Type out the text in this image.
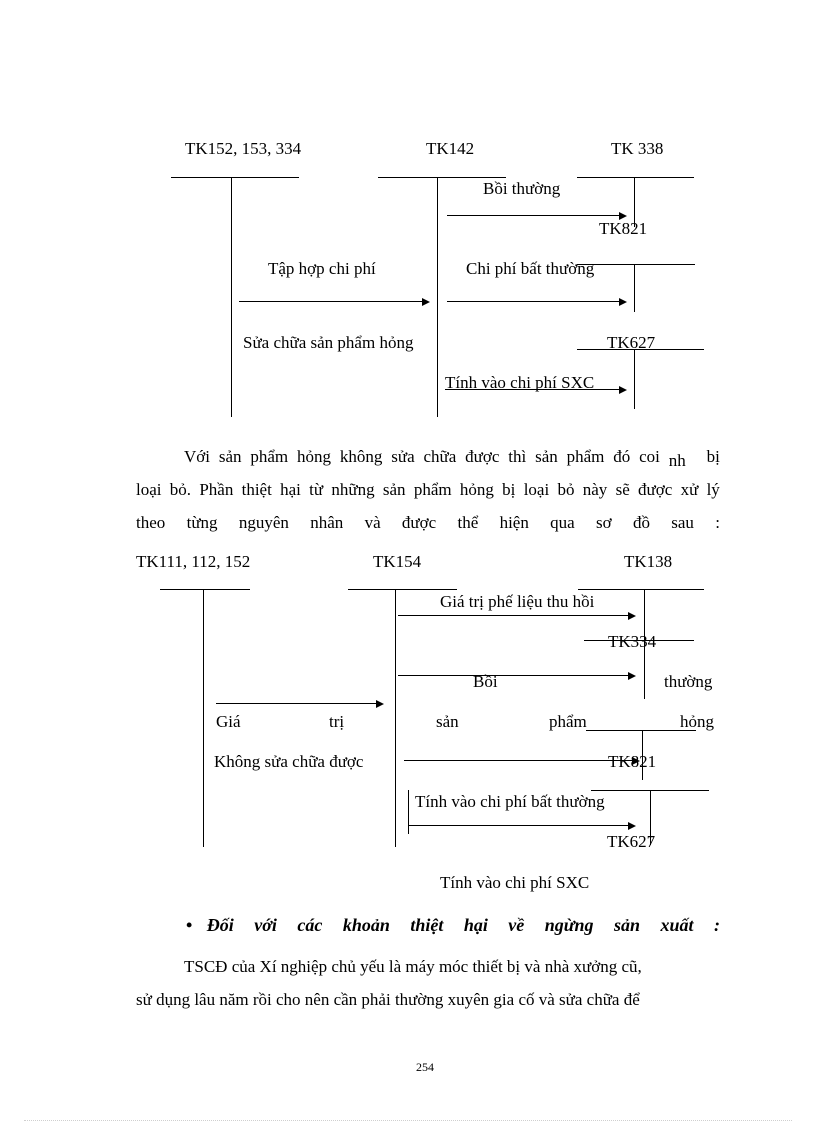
TK152, 153, 334	TK142	TK 338
Bồi thường
TK821
Tập hợp chi phí	Chi phí bất thường
Sửa chữa sản phẩm hỏng	TK627
Tính vào chi phí SXC
Với sản phẩm hỏng không sửa chữa được thì sản phẩm đó coi nh	bị
loại bỏ. Phần thiệt hại từ những sản phẩm hỏng bị loại bỏ này sẽ được xử lý
theo từng nguyên nhân và được thể hiện qua sơ đồ sau :
TK111, 112, 152	TK154	TK138
Giá trị phế liệu thu hồi
TK334
Bồi	thường
Giá	trị	sản	phẩm	hỏng
Không sửa chữa được	TK821
Tính vào chi phí bất thường
TK627
Tính vào chi phí SXC
• Đối với các khoản thiệt hại về ngừng sản xuất :
TSCĐ của Xí nghiệp chủ yếu là máy móc thiết bị và nhà xưởng cũ,
sử dụng lâu năm rồi cho nên cần phải thường xuyên gia cố và sửa chữa để
254
